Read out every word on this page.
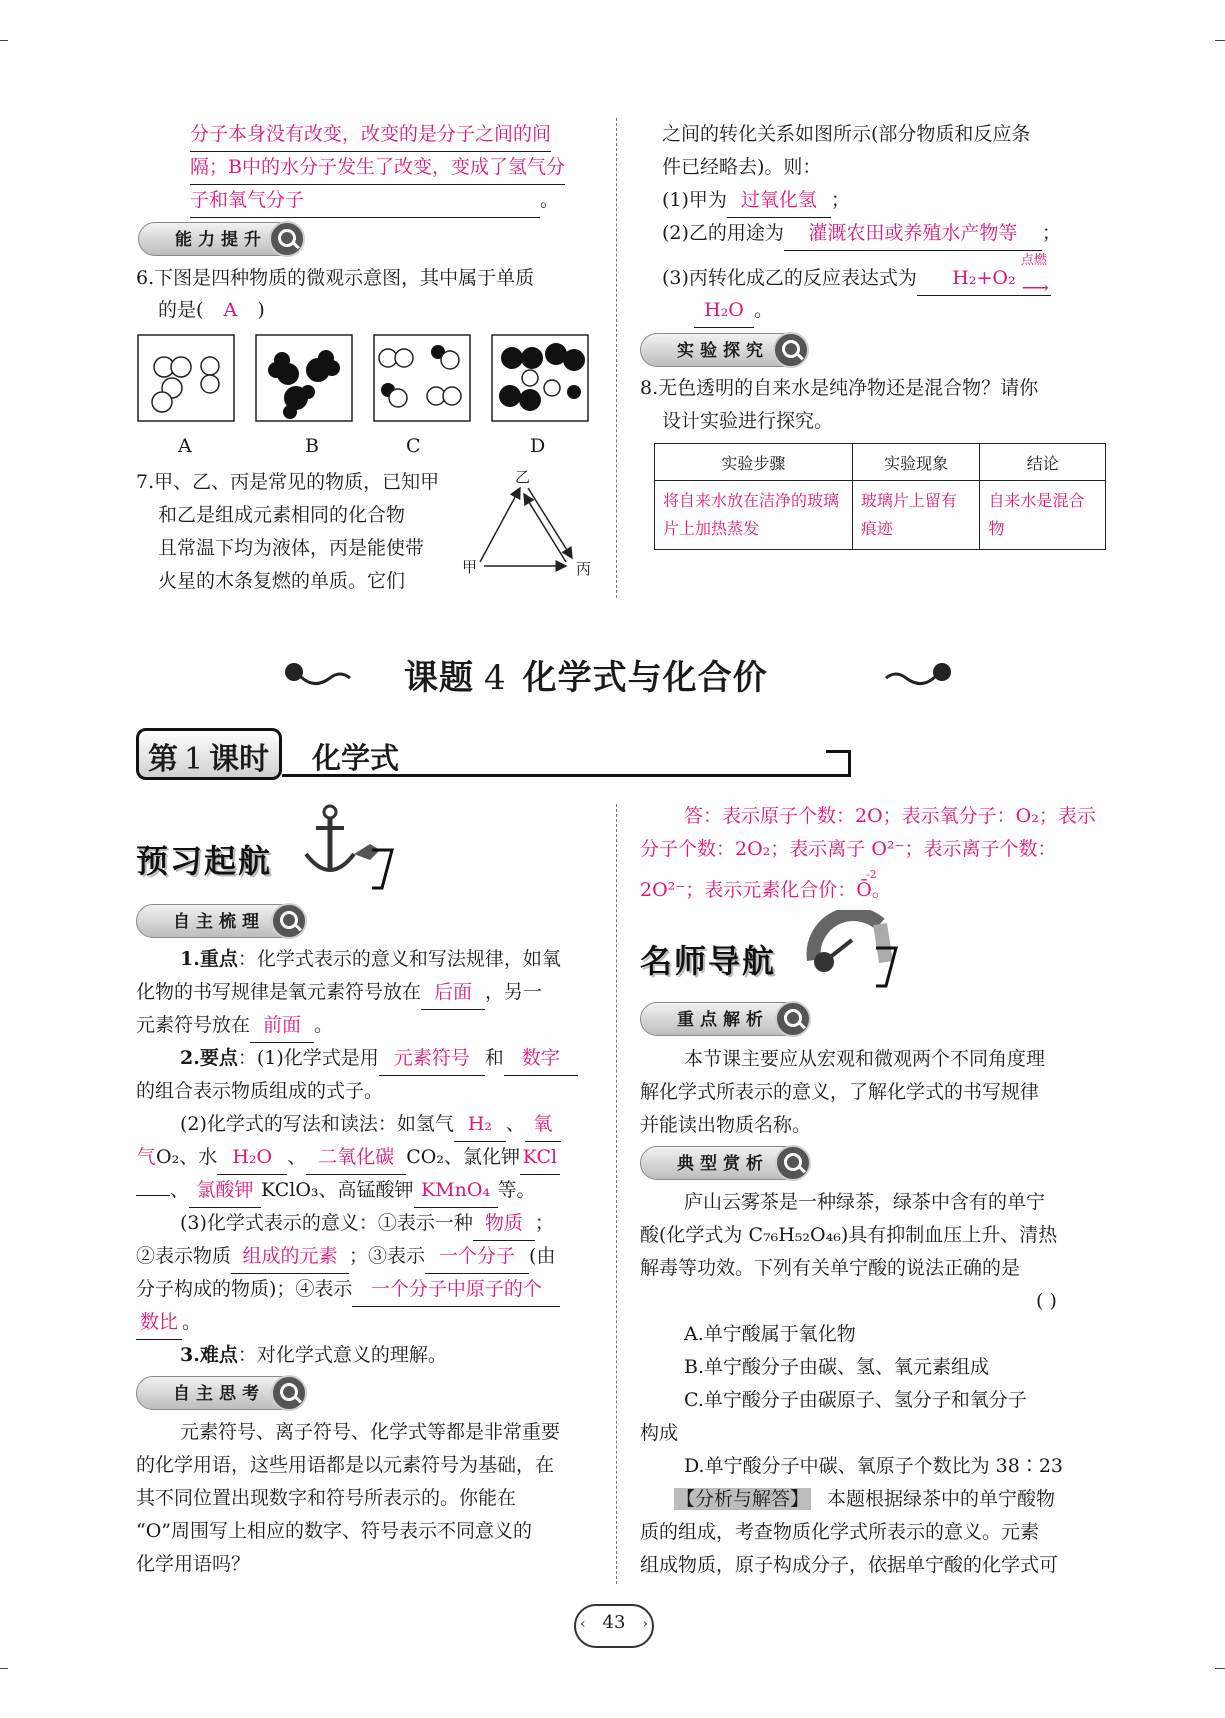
分子本身没有改变，改变的是分子之间的间
隔；B中的水分子发生了改变，变成了氢气分
子和氧气分子	。
能力提升
6.下图是四种物质的微观示意图，其中属于单质
的是( A )
A	B	C	D
7.甲、乙、丙是常见的物质，已知甲
和乙是组成元素相同的化合物
且常温下均为液体，丙是能使带
火星的木条复燃的单质。它们
乙
甲	丙
之间的转化关系如图所示(部分物质和反应条
件已经略去)。则：
(1)甲为 过氧化氢 ；
(2)乙的用途为 灌溉农田或养殖水产物等 ；
(3)丙转化成乙的反应表达式为 H₂+O₂
点燃
⟶
H₂O 。
实验探究
8.无色透明的自来水是纯净物还是混合物？请你
设计实验进行探究。
实验步骤	实验现象	结论
将自来水放在洁净的玻璃片上加热蒸发	玻璃片上留有痕迹	自来水是混合物
课题 4 化学式与化合价
第 1 课时 化学式
预习起航
自主梳理
1.重点：化学式表示的意义和写法规律，如氧
化物的书写规律是氧元素符号放在 后面 ，另一
元素符号放在 前面 。
2.要点：(1)化学式是用 元素符号 和 数字
的组合表示物质组成的式子。
(2)化学式的写法和读法：如氢气 H₂ 、 氧
气O₂、水 H₂O 、 二氧化碳 CO₂、氯化钾 KCl
、 氯酸钾 KClO₃、高锰酸钾 KMnO₄ 等。
(3)化学式表示的意义：①表示一种 物质 ；
②表示物质 组成的元素 ；③表示 一个分子 (由
分子构成的物质)；④表示 一个分子中原子的个
数比 。
3.难点：对化学式意义的理解。
自主思考
元素符号、离子符号、化学式等都是非常重要
的化学用语，这些用语都是以元素符号为基础，在
其不同位置出现数字和符号所表示的。你能在
“O”周围写上相应的数字、符号表示不同意义的
化学用语吗？
答：表示原子个数：2O；表示氧分子：O₂；表示
分子个数：2O₂；表示离子 O²⁻；表示离子个数：
2O²⁻；表示元素化合价：Ō。
-2
名师导航
重点解析
本节课主要应从宏观和微观两个不同角度理
解化学式所表示的意义，了解化学式的书写规律
并能读出物质名称。
典型赏析
庐山云雾茶是一种绿茶，绿茶中含有的单宁
酸(化学式为 C₇₆H₅₂O₄₆)具有抑制血压上升、清热
解毒等功效。下列有关单宁酸的说法正确的是
( )
A.单宁酸属于氧化物
B.单宁酸分子由碳、氢、氧元素组成
C.单宁酸分子由碳原子、氢分子和氧分子
构成
D.单宁酸分子中碳、氧原子个数比为 38∶23
【分析与解答】 本题根据绿茶中的单宁酸物
质的组成，考查物质化学式所表示的意义。元素
组成物质，原子构成分子，依据单宁酸的化学式可
‹ 43	›
